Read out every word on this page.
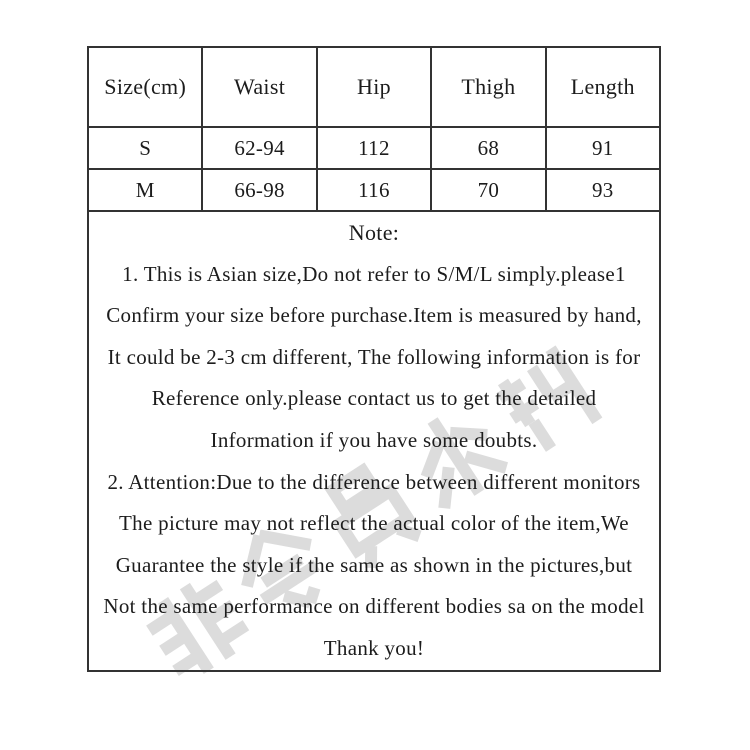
Size(cm)	Waist	Hip	Thigh	Length
S	62-94	112	68	91
M	66-98	116	70	93

Note:
1. This is Asian size,Do not refer to S/M/L simply.please1
Confirm your size before purchase.Item is measured by hand,
It could be 2-3 cm different, The following information is for
Reference only.please contact us to get the detailed
Information if you have some doubts.
2. Attention:Due to the difference between different monitors
The picture may not reflect the actual color of the item,We
Guarantee the style if the same as shown in the pictures,but
Not the same performance on different bodies sa on the model
Thank you!
